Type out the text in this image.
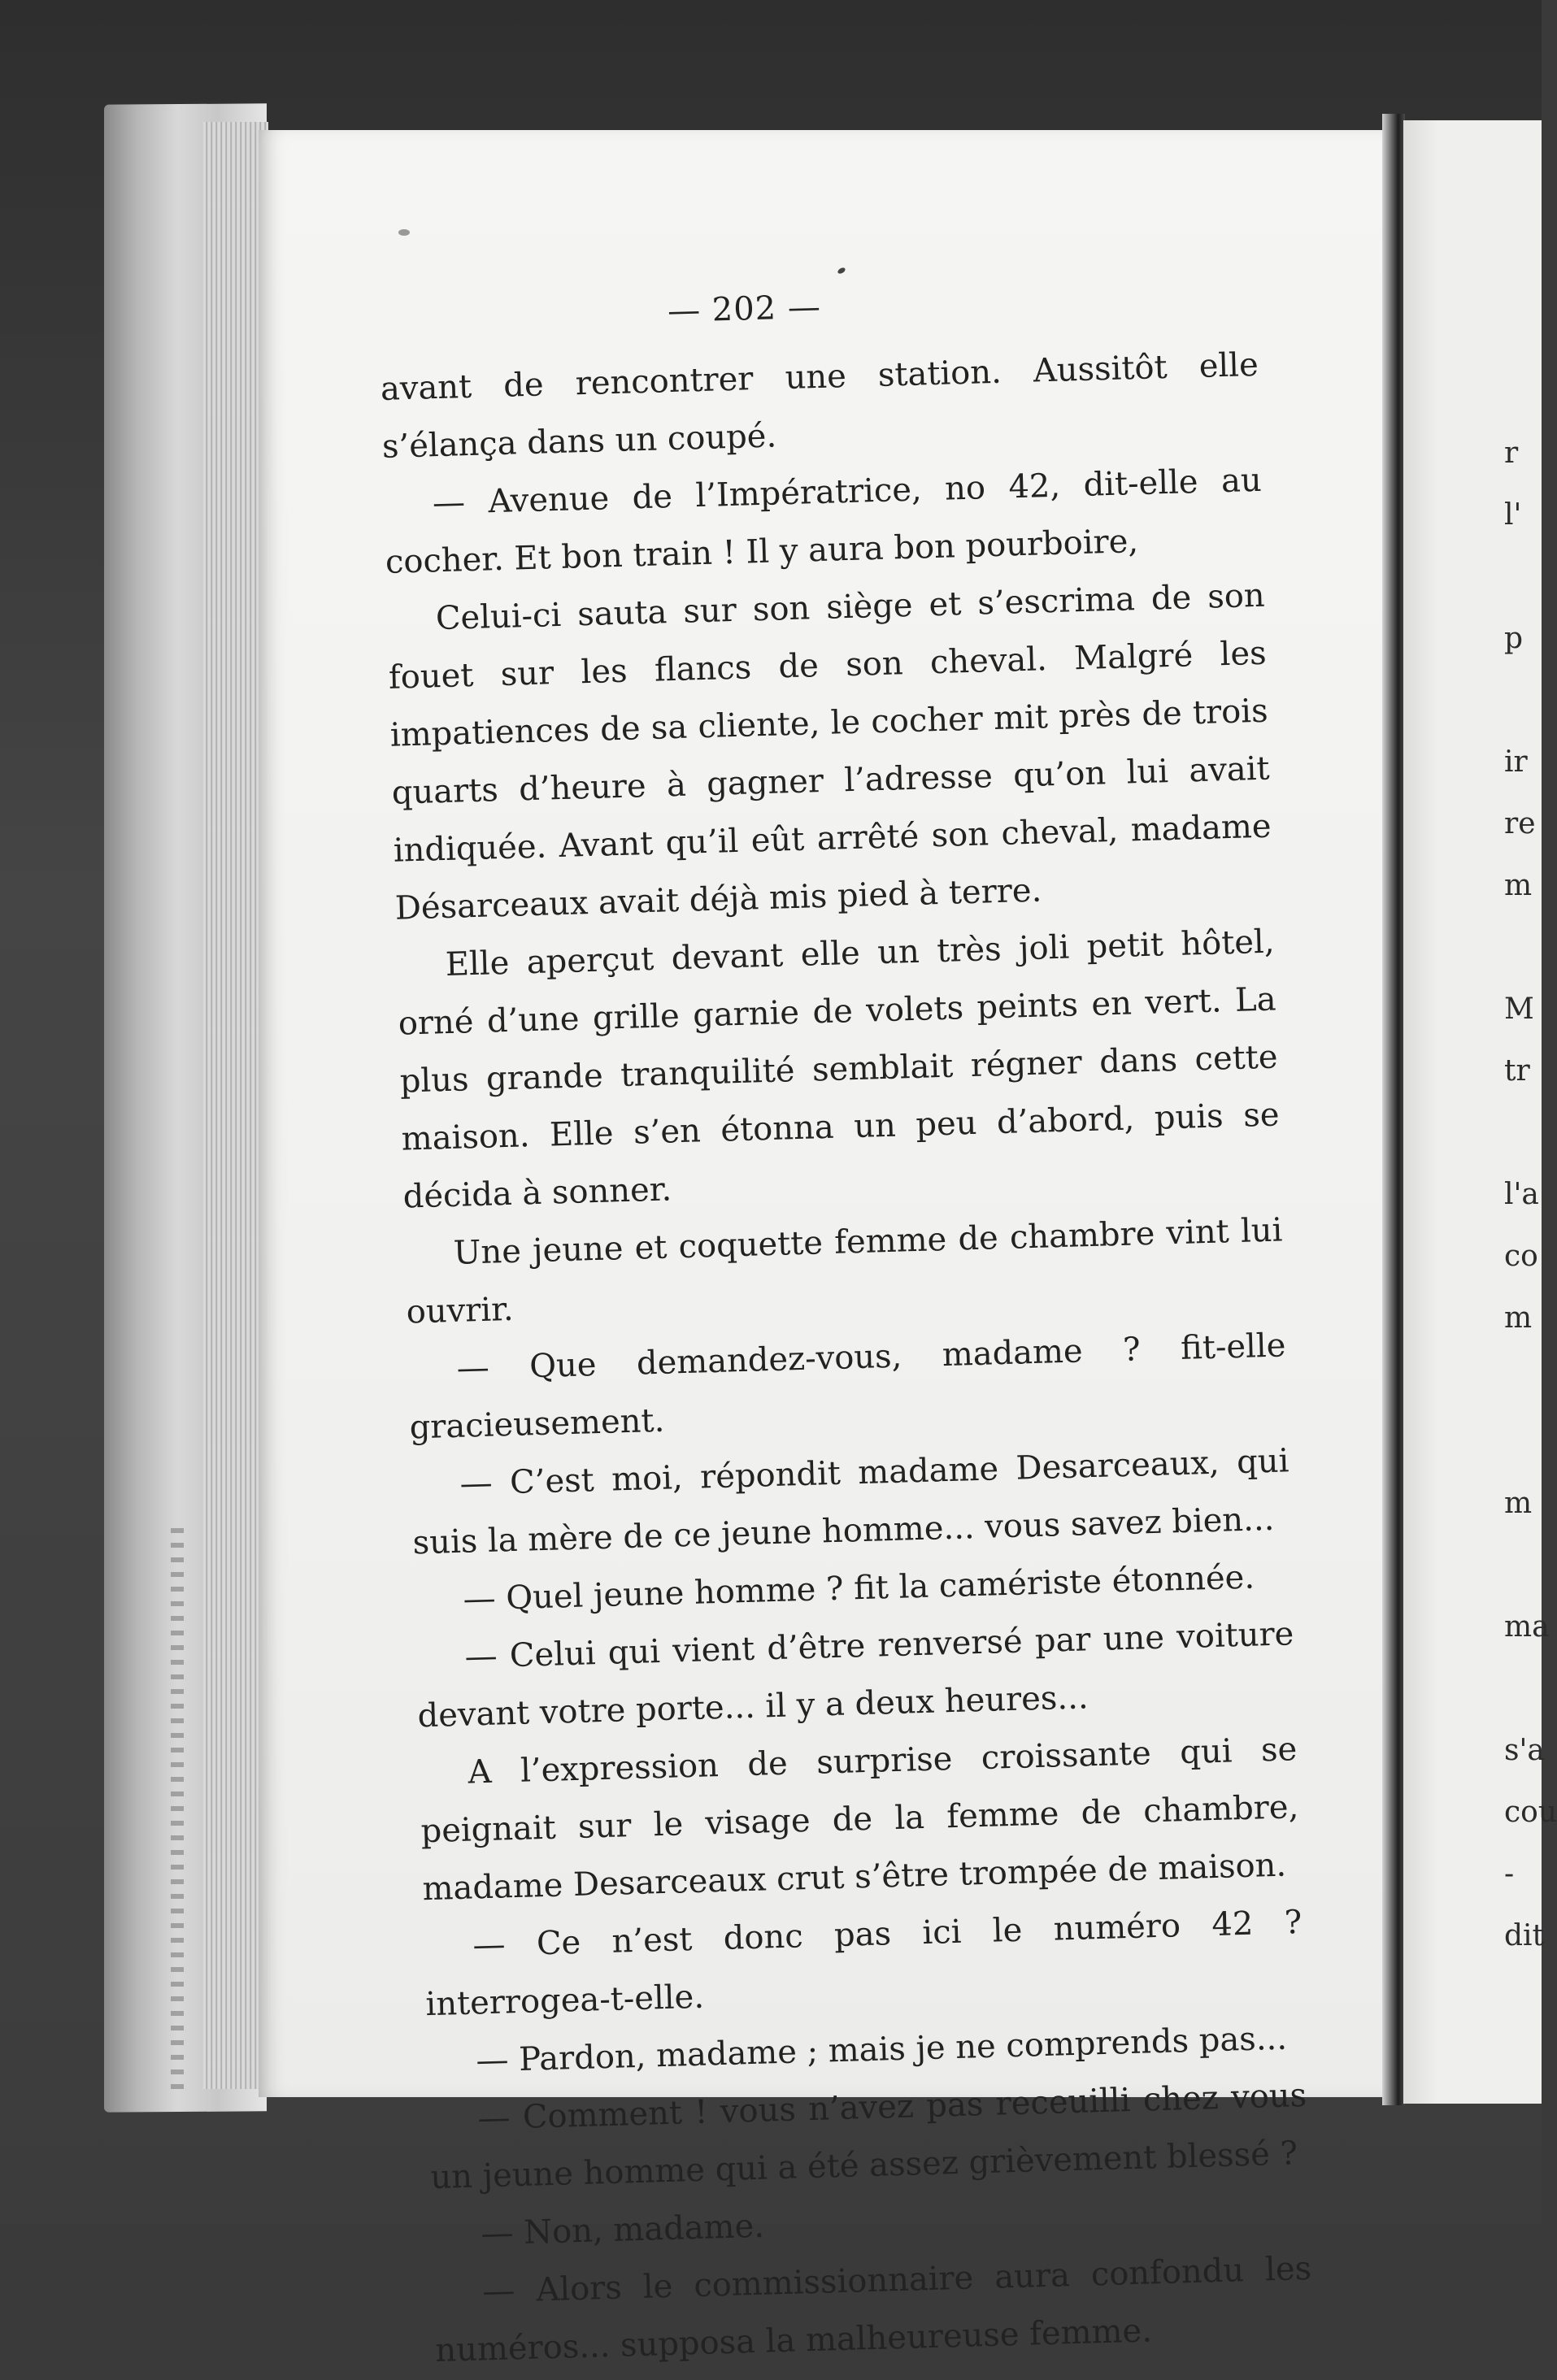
r
l'

p

ir
re
m

M
tr

l'a
co
m

m

ma

s'a
cou
-
dit
— 202 —

avant de rencontrer une station. Aussitôt elle s’élança dans un coupé.

— Avenue de l’Impératrice, no 42, dit-elle au cocher. Et bon train ! Il y aura bon pourboire,

Celui-ci sauta sur son siège et s’escrima de son fouet sur les flancs de son cheval. Malgré les impatiences de sa cliente, le cocher mit près de trois quarts d’heure à gagner l’adresse qu’on lui avait indiquée. Avant qu’il eût arrêté son cheval, madame Désarceaux avait déjà mis pied à terre.

Elle aperçut devant elle un très joli petit hôtel, orné d’une grille garnie de volets peints en vert. La plus grande tranquilité semblait régner dans cette maison. Elle s’en étonna un peu d’abord, puis se décida à sonner.

Une jeune et coquette femme de chambre vint lui ouvrir.

— Que demandez-vous, madame ? fit-elle gracieusement.

— C’est moi, répondit madame Desarceaux, qui suis la mère de ce jeune homme... vous savez bien...

— Quel jeune homme ? fit la caméristе étonnée.

— Celui qui vient d’être renversé par une voiture devant votre porte... il y a deux heures...

A l’expression de surprise croissante qui se peignait sur le visage de la femme de chambre, madame Desarceaux crut s’être trompée de maison.

— Ce n’est donc pas ici le numéro 42 ? interrogea-t-elle.

— Pardon, madame ; mais je ne comprends pas...

— Comment ! vous n’avez pas receuilli chez vous un jeune homme qui a été assez grièvement blessé ?

— Non, madame.

— Alors le commissionnaire aura confondu les numéros... supposa la malheureuse femme.
